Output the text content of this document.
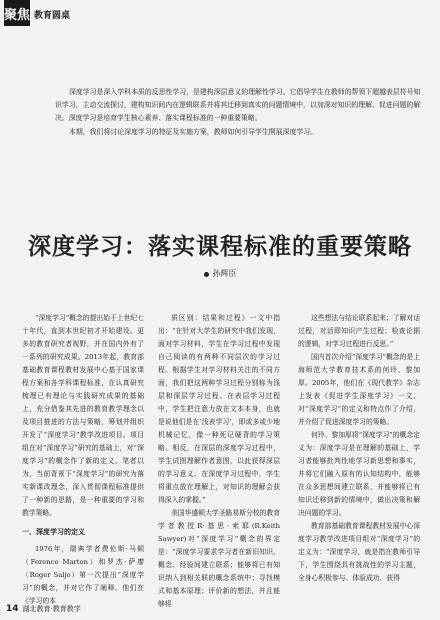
聚焦 教育圆桌

深度学习是深入学科本质的反思性学习，是建构深层意义的理解性学习。它倡导学生在教师的帮领下超越表层符号知识学习，主动交流探讨，建构知识间内在逻辑联系并将其迁移到真实的问题情境中，以加深对知识的理解、促进问题的解决。深度学习是培育学生核心素养、落实课程标准的一种重要策略。

本期，我们将讨论深度学习的特征及实施方案，教师如何引导学生開展深度学习。

深度学习：落实课程标准的重要策略
孙辉臣

“深度学习”概念的提出始于上世纪七十年代，直到本世纪初才开始建设。更多的教育研究者视野，并在国内外有了一系列的研究成果。2013年起，教育部基础教育课程教材发展中心基于国家课程方案和各学科课程标准，在认真研究梳理已有理论与实践研究成果的基础上，充分借鉴其先进的教育教学理念以及项目推进的方法与策略，筹划并组织开发了“深度学习”教学改进项目。项目组在对“深度学习”研究的基础上，对“深度学习”的概念作了新的定义。笔者以为，当前背景下“深度学习”的研究为落实新课改理念，深入贯彻课程标准提供了一种新的思路，是一种重要的学习和教学策略。

一、深度学习的定义

1976年，瑞典学者费伦斯·马顿（Ference Marton）和罗杰·萨廖（Roger Saljo）第一次提出“深度学习”的概念，并对它作了阐释。他们在《学习的本

质区别：结果和过程》一文中指出：“在针对大学生的研究中我们发现，面对学习材料，学生在学习过程中发现自己阅读的有两种不同层次的学习过程。根据学生对学习材料关注的不同方面，我们把这两种学习过程分别称为浅层和深层学习过程。在表层学习过程中，学生把注意力放在文本本身，也就是说他们是在‘浅表学习’，即或多或少地机械记忆，像一种死记硬背的学习策略。相反，在深层的深度学习过程中，学生试图理解作者意图，以此获得深层的学习意义、在深度学习过程中，学生将重点放在理解上，对知识的理解会获得深入的掌握。”

美国华盛顿大学圣路易斯分校的教育学者教授R·基思·索耶(R.Keith Sawyer)对“深度学习”概念的界定是：“深度学习要求学习者在新旧知识、概念、经验间建立联系；能够将已有知识纳入到相关联的概念系统中；寻找模式和基本原理；评价新的想法，并且能够将

这些想法与结论联系起来；了解对话过程，对话即知识产生过程；检查论据的逻辑，对学习过程进行反思。”

国内首次介绍“深度学习”概念的是上海师范大学教育技术系的何玲、黎加厚。2005年，他们在《现代教学》杂志上发表《促进学生深度学习》一文，对“深度学习”的定义和特点作了介绍，并介绍了促进深度学习的策略。

何玲、黎加厚将“深度学习”的概念定义为：深度学习是在理解的基础上，学习者能够批判性地学习新思想和事实，并将它们融入原有的认知结构中，能够在众多思想间建立联系，并能够将已有知识迁移到新的情境中，做出决策和解决问题的学习。

教育部基础教育课程教材发展中心深度学习教学改进项目组对“深度学习”的定义为：“深度学习，就是指在教师引导下，学生围绕具有挑战性的学习主题，全身心积极参与、体验成功、获得

14 湖北教育·教育教学
